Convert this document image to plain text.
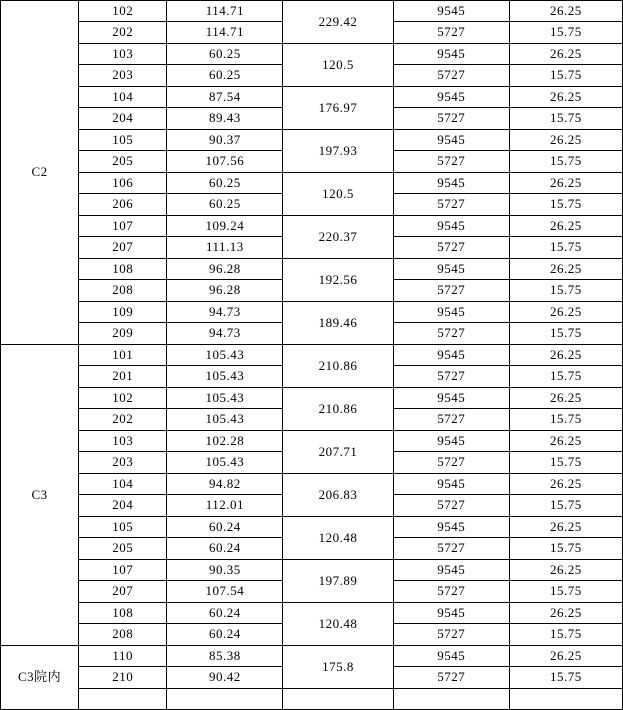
C2	102	114.71	229.42	9545	26.25
	202	114.71		5727	15.75
	103	60.25	120.5	9545	26.25
	203	60.25		5727	15.75
	104	87.54	176.97	9545	26.25
	204	89.43		5727	15.75
	105	90.37	197.93	9545	26.25
	205	107.56		5727	15.75
	106	60.25	120.5	9545	26.25
	206	60.25		5727	15.75
	107	109.24	220.37	9545	26.25
	207	111.13		5727	15.75
	108	96.28	192.56	9545	26.25
	208	96.28		5727	15.75
	109	94.73	189.46	9545	26.25
	209	94.73		5727	15.75
C3	101	105.43	210.86	9545	26.25
	201	105.43		5727	15.75
	102	105.43	210.86	9545	26.25
	202	105.43		5727	15.75
	103	102.28	207.71	9545	26.25
	203	105.43		5727	15.75
	104	94.82	206.83	9545	26.25
	204	112.01		5727	15.75
	105	60.24	120.48	9545	26.25
	205	60.24		5727	15.75
	107	90.35	197.89	9545	26.25
	207	107.54		5727	15.75
	108	60.24	120.48	9545	26.25
	208	60.24		5727	15.75
C3院内	110	85.38	175.8	9545	26.25
	210	90.42		5727	15.75
